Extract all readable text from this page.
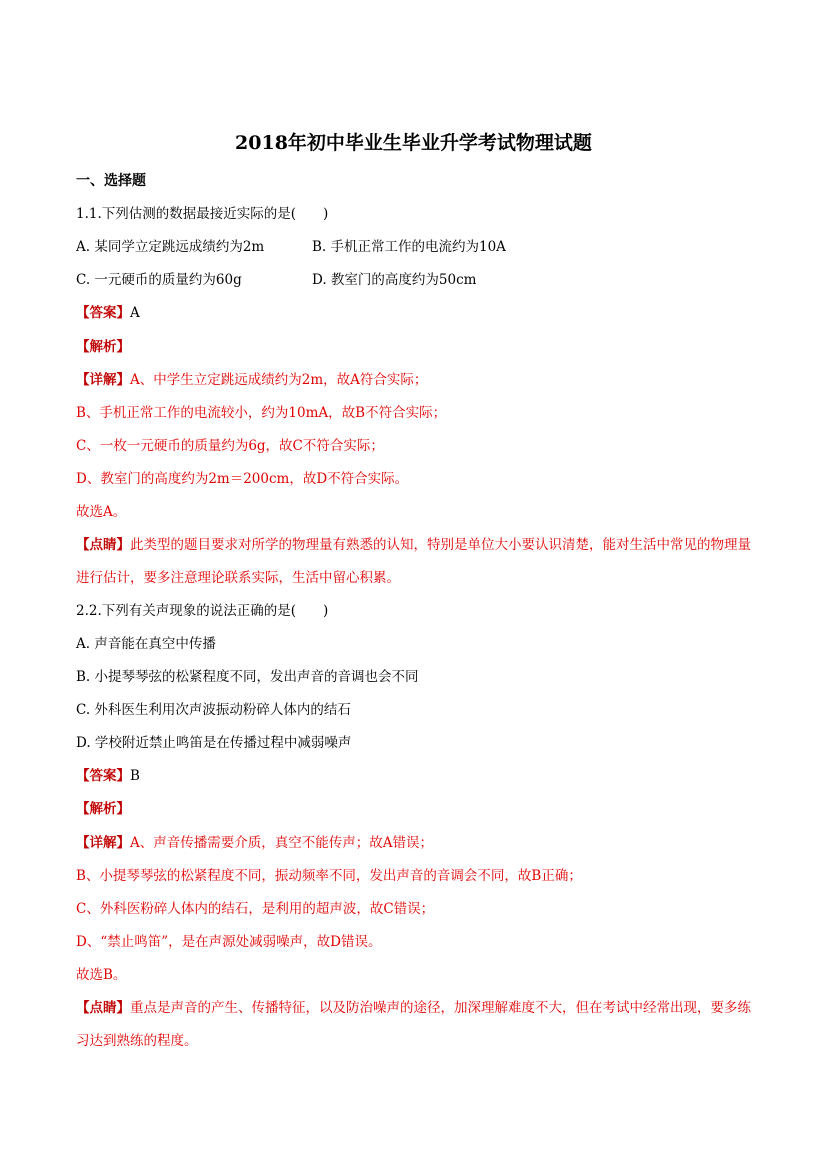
2018年初中毕业生毕业升学考试物理试题
一、选择题
1.1.下列估测的数据最接近实际的是(　　)
A. 某同学立定跳远成绩约为2m	B. 手机正常工作的电流约为10A
C. 一元硬币的质量约为60g	D. 教室门的高度约为50cm
【答案】A
【解析】
【详解】A、中学生立定跳远成绩约为2m，故A符合实际；
B、手机正常工作的电流较小，约为10mA，故B不符合实际；
C、一枚一元硬币的质量约为6g，故C不符合实际；
D、教室门的高度约为2m＝200cm，故D不符合实际。
故选A。
【点睛】此类型的题目要求对所学的物理量有熟悉的认知，特别是单位大小要认识清楚，能对生活中常见的物理量进行估计，要多注意理论联系实际，生活中留心积累。
2.2.下列有关声现象的说法正确的是(　　)
A. 声音能在真空中传播
B. 小提琴琴弦的松紧程度不同，发出声音的音调也会不同
C. 外科医生利用次声波振动粉碎人体内的结石
D. 学校附近禁止鸣笛是在传播过程中减弱噪声
【答案】B
【解析】
【详解】A、声音传播需要介质，真空不能传声；故A错误；
B、小提琴琴弦的松紧程度不同，振动频率不同，发出声音的音调会不同，故B正确；
C、外科医粉碎人体内的结石，是利用的超声波，故C错误；
D、“禁止鸣笛”，是在声源处减弱噪声，故D错误。
故选B。
【点睛】重点是声音的产生、传播特征，以及防治噪声的途径，加深理解难度不大，但在考试中经常出现，要多练习达到熟练的程度。
